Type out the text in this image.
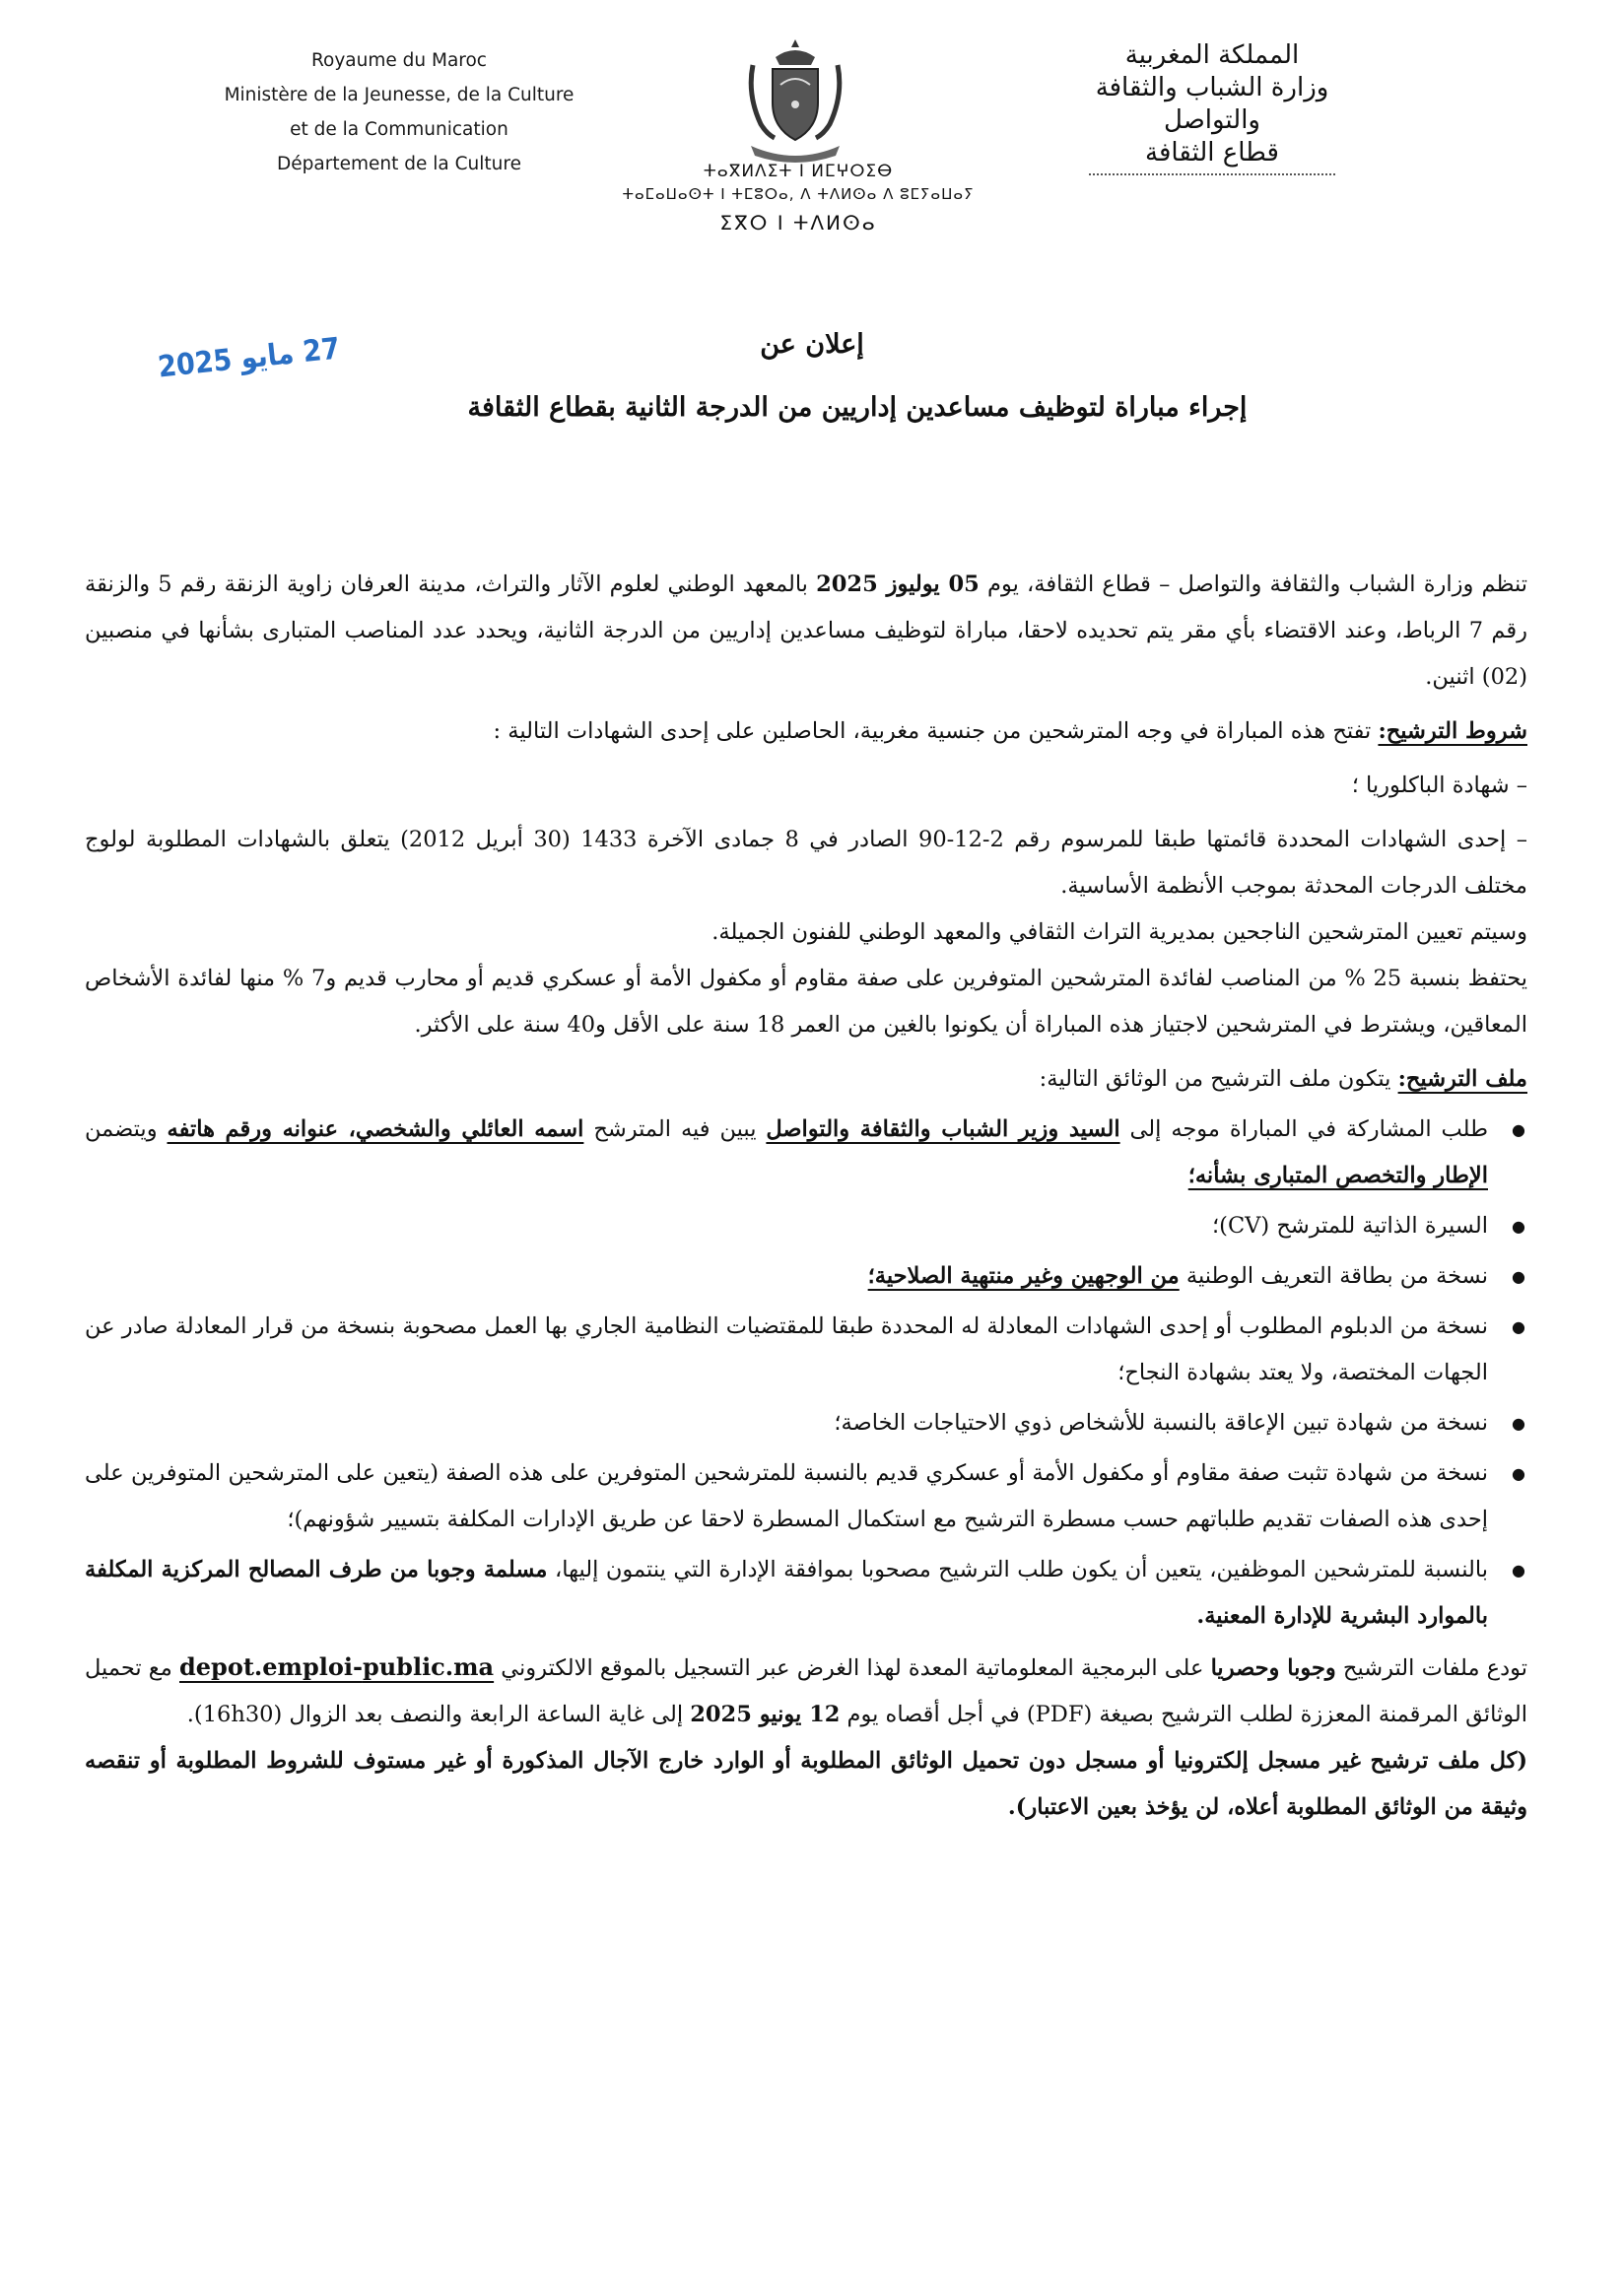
Royaume du Maroc
Ministère de la Jeunesse, de la Culture
et de la Communication
Département de la Culture	ⵜⴰⴳⵍⴷⵉⵜ ⵏ ⵍⵎⵖⵔⵉⴱ
ⵜⴰⵎⴰⵡⴰⵙⵜ ⵏ ⵜⵎⵓⵔⴰ, ⴷ ⵜⴷⵍⵙⴰ ⴷ ⵓⵎⵢⴰⵡⴰⵢ
ⵉⴳⵔ ⵏ ⵜⴷⵍⵙⴰ
المملكة المغربية
وزارة الشباب والثقافة
والتواصل
قطاع الثقافة
27 مايو 2025	إعلان عن
إجراء مباراة لتوظيف مساعدين إداريين من الدرجة الثانية بقطاع الثقافة

تنظم وزارة الشباب والثقافة والتواصل – قطاع الثقافة، يوم 05 يوليوز 2025 بالمعهد الوطني لعلوم الآثار والتراث، مدينة العرفان زاوية الزنقة رقم 5 والزنقة رقم 7 الرباط، وعند الاقتضاء بأي مقر يتم تحديده لاحقا، مباراة لتوظيف مساعدين إداريين من الدرجة الثانية، ويحدد عدد المناصب المتبارى بشأنها في منصبين (02) اثنين.

شروط الترشيح: تفتح هذه المباراة في وجه المترشحين من جنسية مغربية، الحاصلين على إحدى الشهادات التالية :

– شهادة الباكلوريا ؛

– إحدى الشهادات المحددة قائمتها طبقا للمرسوم رقم 2-12-90 الصادر في 8 جمادى الآخرة 1433 (30 أبريل 2012) يتعلق بالشهادات المطلوبة لولوج مختلف الدرجات المحدثة بموجب الأنظمة الأساسية.

وسيتم تعيين المترشحين الناجحين بمديرية التراث الثقافي والمعهد الوطني للفنون الجميلة.

يحتفظ بنسبة 25 % من المناصب لفائدة المترشحين المتوفرين على صفة مقاوم أو مكفول الأمة أو عسكري قديم أو محارب قديم و7 % منها لفائدة الأشخاص المعاقين، ويشترط في المترشحين لاجتياز هذه المباراة أن يكونوا بالغين من العمر 18 سنة على الأقل و40 سنة على الأكثر.

ملف الترشيح: يتكون ملف الترشيح من الوثائق التالية:

● طلب المشاركة في المباراة موجه إلى السيد وزير الشباب والثقافة والتواصل يبين فيه المترشح اسمه العائلي والشخصي، عنوانه ورقم هاتفه ويتضمن الإطار والتخصص المتبارى بشأنه؛
● السيرة الذاتية للمترشح (CV)؛
● نسخة من بطاقة التعريف الوطنية من الوجهين وغير منتهية الصلاحية؛
● نسخة من الدبلوم المطلوب أو إحدى الشهادات المعادلة له المحددة طبقا للمقتضيات النظامية الجاري بها العمل مصحوبة بنسخة من قرار المعادلة صادر عن الجهات المختصة، ولا يعتد بشهادة النجاح؛
● نسخة من شهادة تبين الإعاقة بالنسبة للأشخاص ذوي الاحتياجات الخاصة؛
● نسخة من شهادة تثبت صفة مقاوم أو مكفول الأمة أو عسكري قديم بالنسبة للمترشحين المتوفرين على هذه الصفة (يتعين على المترشحين المتوفرين على إحدى هذه الصفات تقديم طلباتهم حسب مسطرة الترشيح مع استكمال المسطرة لاحقا عن طريق الإدارات المكلفة بتسيير شؤونهم)؛
● بالنسبة للمترشحين الموظفين، يتعين أن يكون طلب الترشيح مصحوبا بموافقة الإدارة التي ينتمون إليها، مسلمة وجوبا من طرف المصالح المركزية المكلفة بالموارد البشرية للإدارة المعنية.

تودع ملفات الترشيح وجوبا وحصريا على البرمجية المعلوماتية المعدة لهذا الغرض عبر التسجيل بالموقع الالكتروني depot.emploi-public.ma مع تحميل الوثائق المرقمنة المعززة لطلب الترشيح بصيغة (PDF) في أجل أقصاه يوم 12 يونيو 2025 إلى غاية الساعة الرابعة والنصف بعد الزوال (16h30).

(كل ملف ترشيح غير مسجل إلكترونيا أو مسجل دون تحميل الوثائق المطلوبة أو الوارد خارج الآجال المذكورة أو غير مستوف للشروط المطلوبة أو تنقصه وثيقة من الوثائق المطلوبة أعلاه، لن يؤخذ بعين الاعتبار).
